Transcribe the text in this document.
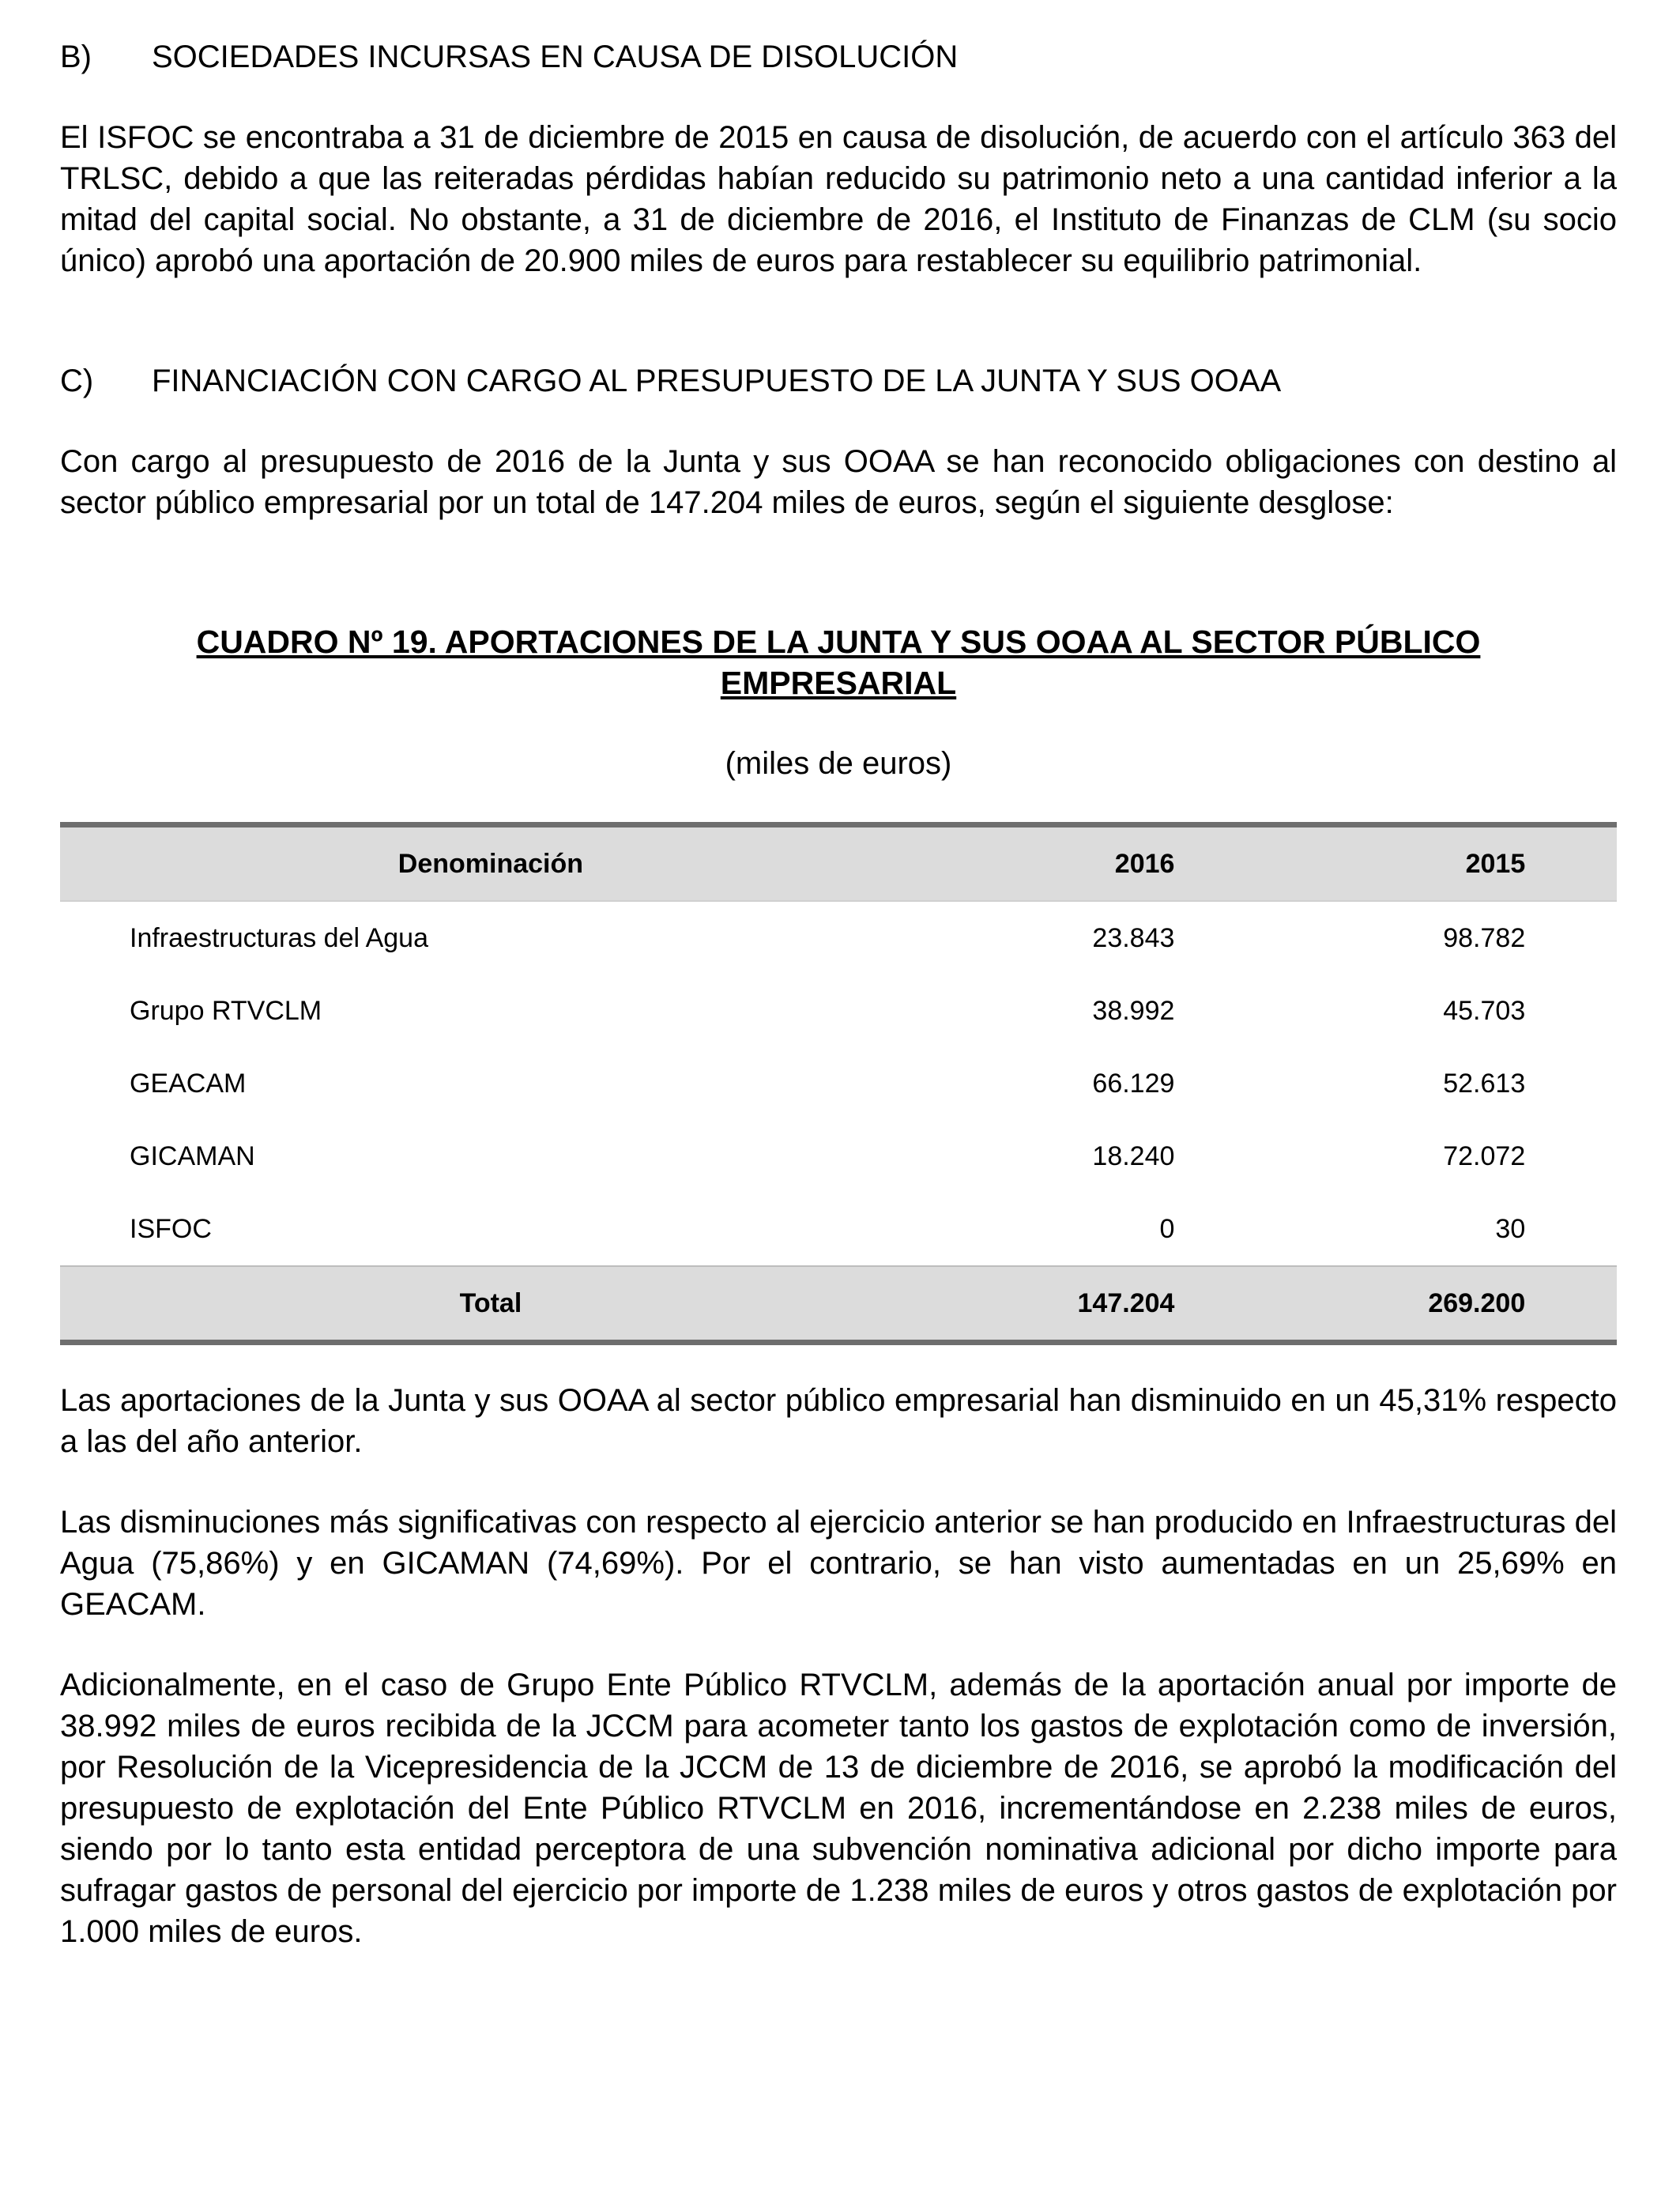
B) SOCIEDADES INCURSAS EN CAUSA DE DISOLUCIÓN
El ISFOC se encontraba a 31 de diciembre de 2015 en causa de disolución, de acuerdo con el artículo 363 del TRLSC, debido a que las reiteradas pérdidas habían reducido su patrimonio neto a una cantidad inferior a la mitad del capital social. No obstante, a 31 de diciembre de 2016, el Instituto de Finanzas de CLM (su socio único) aprobó una aportación de 20.900 miles de euros para restablecer su equilibrio patrimonial.
C) FINANCIACIÓN CON CARGO AL PRESUPUESTO DE LA JUNTA Y SUS OOAA
Con cargo al presupuesto de 2016 de la Junta y sus OOAA se han reconocido obligaciones con destino al sector público empresarial por un total de 147.204 miles de euros, según el siguiente desglose:
CUADRO Nº 19. APORTACIONES DE LA JUNTA Y SUS OOAA AL SECTOR PÚBLICO
EMPRESARIAL
(miles de euros)
Denominación	2016	2015	
Infraestructuras del Agua	23.843	98.782	
Grupo RTVCLM	38.992	45.703	
GEACAM	66.129	52.613	
GICAMAN	18.240	72.072	
ISFOC	0	30	
Total	147.204	269.200	
Las aportaciones de la Junta y sus OOAA al sector público empresarial han disminuido en un 45,31% respecto a las del año anterior.
Las disminuciones más significativas con respecto al ejercicio anterior se han producido en Infraestructuras del Agua (75,86%) y en GICAMAN (74,69%). Por el contrario, se han visto aumentadas en un 25,69% en GEACAM.
Adicionalmente, en el caso de Grupo Ente Público RTVCLM, además de la aportación anual por importe de 38.992 miles de euros recibida de la JCCM para acometer tanto los gastos de explotación como de inversión, por Resolución de la Vicepresidencia de la JCCM de 13 de diciembre de 2016, se aprobó la modificación del presupuesto de explotación del Ente Público RTVCLM en 2016, incrementándose en 2.238 miles de euros, siendo por lo tanto esta entidad perceptora de una subvención nominativa adicional por dicho importe para sufragar gastos de personal del ejercicio por importe de 1.238 miles de euros y otros gastos de explotación por 1.000 miles de euros.
